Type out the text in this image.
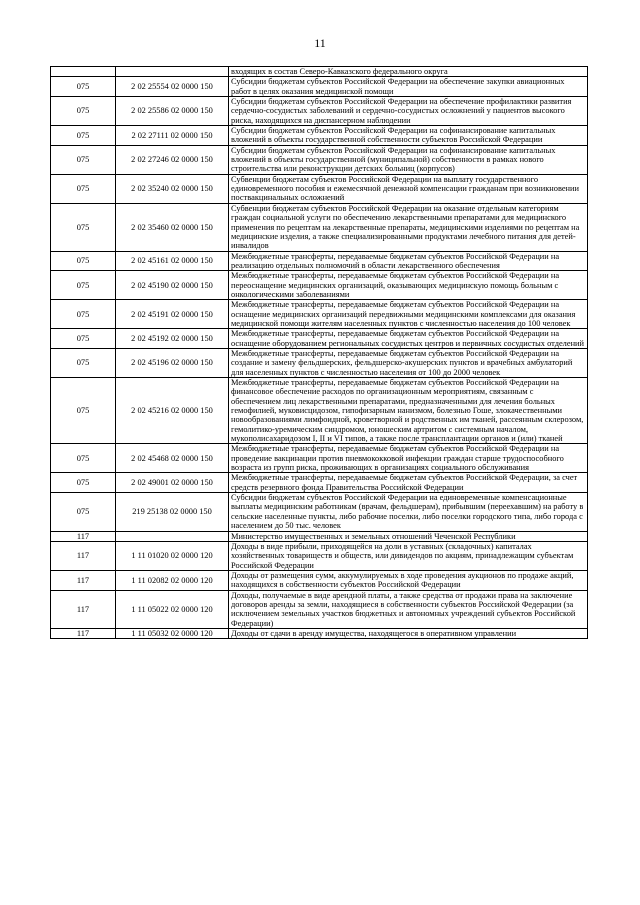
11
		входящих в состав Северо-Кавказского федерального округа
075	2 02 25554 02 0000 150	Субсидии бюджетам субъектов Российской Федерации на обеспечение закупки авиационных работ в целях оказания медицинской помощи
075	2 02 25586 02 0000 150	Субсидии бюджетам субъектов Российской Федерации на обеспечение профилактики развития сердечно-сосудистых заболеваний и сердечно-сосудистых осложнений у пациентов высокого риска, находящихся на диспансерном наблюдении
075	2 02 27111 02 0000 150	Субсидии бюджетам субъектов Российской Федерации на софинансирование капитальных вложений в объекты государственной собственности субъектов Российской Федерации
075	2 02 27246 02 0000 150	Субсидии бюджетам субъектов Российской Федерации на софинансирование капитальных вложений в объекты государственной (муниципальной) собственности в рамках нового строительства или реконструкции детских больниц (корпусов)
075	2 02 35240 02 0000 150	Субвенции бюджетам субъектов Российской Федерации на выплату государственного единовременного пособия и ежемесячной денежной компенсации гражданам при возникновении поствакцинальных осложнений
075	2 02 35460 02 0000 150	Субвенции бюджетам субъектов Российской Федерации на оказание отдельным категориям граждан социальной услуги по обеспечению лекарственными препаратами для медицинского применения по рецептам на лекарственные препараты, медицинскими изделиями по рецептам на медицинские изделия, а также специализированными продуктами лечебного питания для детей-инвалидов
075	2 02 45161 02 0000 150	Межбюджетные трансферты, передаваемые бюджетам субъектов Российской Федерации на реализацию отдельных полномочий в области лекарственного обеспечения
075	2 02 45190 02 0000 150	Межбюджетные трансферты, передаваемые бюджетам субъектов Российской Федерации на переоснащение медицинских организаций, оказывающих медицинскую помощь больным с онкологическими заболеваниями
075	2 02 45191 02 0000 150	Межбюджетные трансферты, передаваемые бюджетам субъектов Российской Федерации на оснащение медицинских организаций передвижными медицинскими комплексами для оказания медицинской помощи жителям населенных пунктов с численностью населения до 100 человек
075	2 02 45192 02 0000 150	Межбюджетные трансферты, передаваемые бюджетам субъектов Российской Федерации на оснащение оборудованием региональных сосудистых центров и первичных сосудистых отделений
075	2 02 45196 02 0000 150	Межбюджетные трансферты, передаваемые бюджетам субъектов Российской Федерации на создание и замену фельдшерских, фельдшерско-акушерских пунктов и врачебных амбулаторий для населенных пунктов с численностью населения от 100 до 2000 человек
075	2 02 45216 02 0000 150	Межбюджетные трансферты, передаваемые бюджетам субъектов Российской Федерации на финансовое обеспечение расходов по организационным мероприятиям, связанным с обеспечением лиц лекарственными препаратами, предназначенными для лечения больных гемофилией, муковисцидозом, гипофизарным нанизмом, болезнью Гоше, злокачественными новообразованиями лимфоидной, кроветворной и родственных им тканей, рассеянным склерозом, гемолитико-уремическим синдромом, юношеским артритом с системным началом, мукополисахаридозом I, II и VI типов, а также после трансплантации органов и (или) тканей
075	2 02 45468 02 0000 150	Межбюджетные трансферты, передаваемые бюджетам субъектов Российской Федерации на проведение вакцинации против пневмококковой инфекции граждан старше трудоспособного возраста из групп риска, проживающих в организациях социального обслуживания
075	2 02 49001 02 0000 150	Межбюджетные трансферты, передаваемые бюджетам субъектов Российской Федерации, за счет средств резервного фонда Правительства Российской Федерации
075	219 25138 02 0000 150	Субсидии бюджетам субъектов Российской Федерации на единовременные компенсационные выплаты медицинским работникам (врачам, фельдшерам), прибывшим (переехавшим) на работу в сельские населенные пункты, либо рабочие поселки, либо поселки городского типа, либо города с населением до 50 тыс. человек
117		Министерство имущественных и земельных отношений Чеченской Республики
117	1 11 01020 02 0000 120	Доходы в виде прибыли, приходящейся на доли в уставных (складочных) капиталах хозяйственных товариществ и обществ, или дивидендов по акциям, принадлежащим субъектам Российской Федерации
117	1 11 02082 02 0000 120	Доходы от размещения сумм, аккумулируемых в ходе проведения аукционов по продаже акций, находящихся в собственности субъектов Российской Федерации
117	1 11 05022 02 0000 120	Доходы, получаемые в виде арендной платы, а также средства от продажи права на заключение договоров аренды за земли, находящиеся в собственности субъектов Российской Федерации (за исключением земельных участков бюджетных и автономных учреждений субъектов Российской Федерации)
117	1 11 05032 02 0000 120	Доходы от сдачи в аренду имущества, находящегося в оперативном управлении
